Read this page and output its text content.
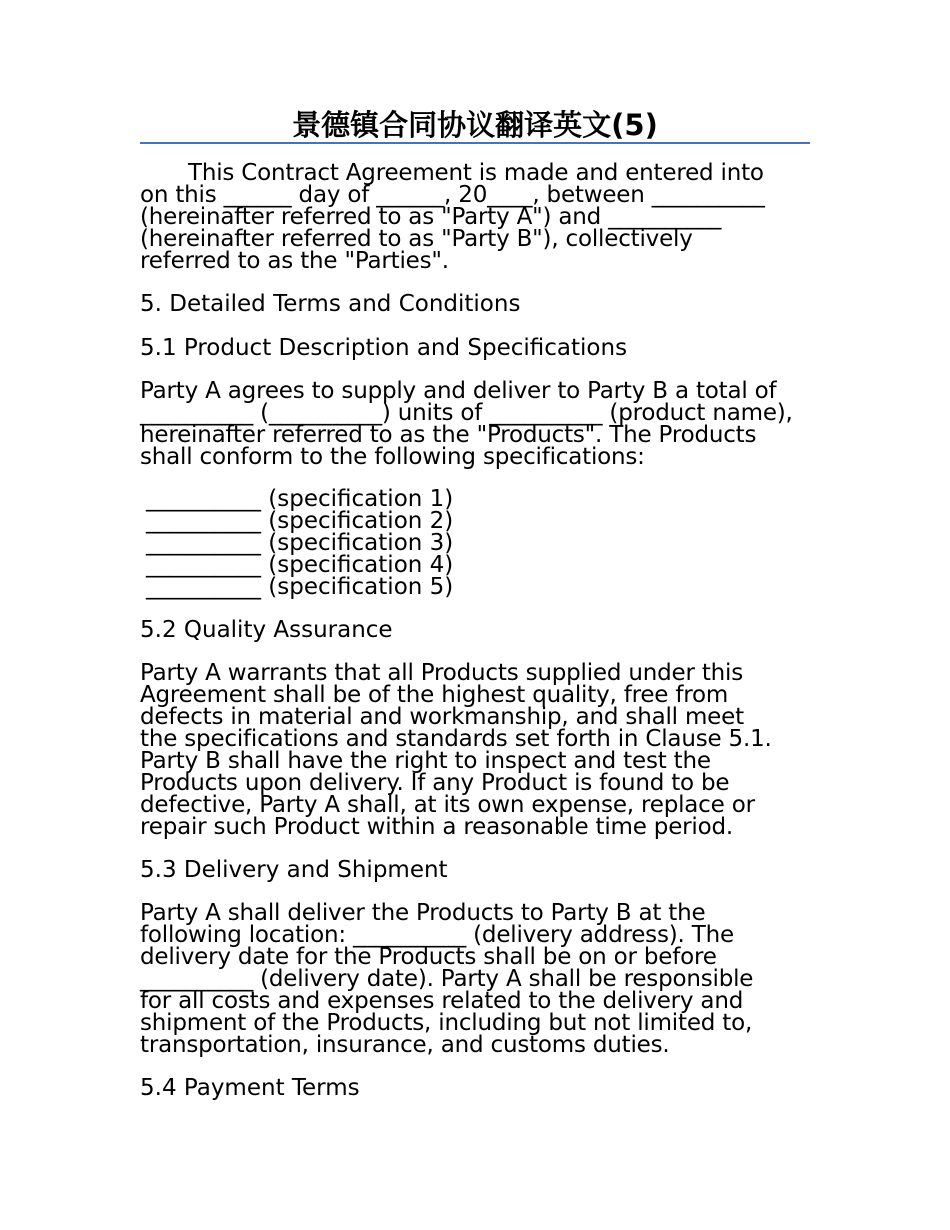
景德镇合同协议翻译英文(5)

This Contract Agreement is made and entered into
on this ______ day of ______, 20____, between __________
(hereinafter referred to as "Party A") and __________
(hereinafter referred to as "Party B"), collectively
referred to as the "Parties".

5. Detailed Terms and Conditions

5.1 Product Description and Specifications

Party A agrees to supply and deliver to Party B a total of
__________ (__________) units of __________ (product name),
hereinafter referred to as the "Products". The Products
shall conform to the following specifications:

__________ (specification 1)
__________ (specification 2)
__________ (specification 3)
__________ (specification 4)
__________ (specification 5)

5.2 Quality Assurance

Party A warrants that all Products supplied under this
Agreement shall be of the highest quality, free from
defects in material and workmanship, and shall meet
the specifications and standards set forth in Clause 5.1.
Party B shall have the right to inspect and test the
Products upon delivery. If any Product is found to be
defective, Party A shall, at its own expense, replace or
repair such Product within a reasonable time period.

5.3 Delivery and Shipment

Party A shall deliver the Products to Party B at the
following location: __________ (delivery address). The
delivery date for the Products shall be on or before
__________ (delivery date). Party A shall be responsible
for all costs and expenses related to the delivery and
shipment of the Products, including but not limited to,
transportation, insurance, and customs duties.

5.4 Payment Terms
